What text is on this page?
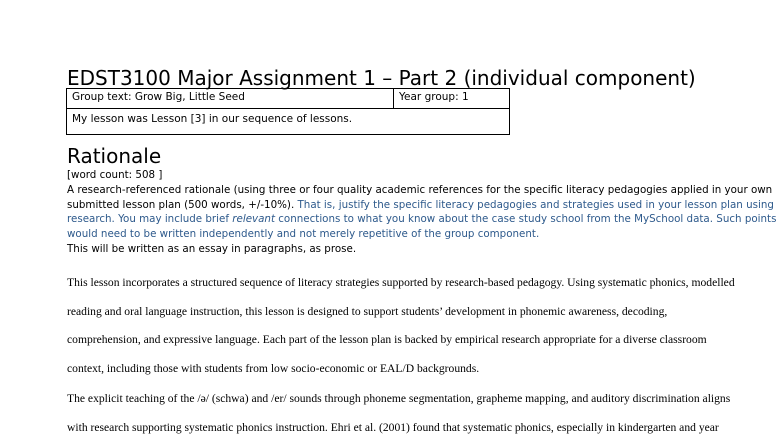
EDST3100 Major Assignment 1 – Part 2 (individual component)
Group text: Grow Big, Little Seed	Year group: 1
My lesson was Lesson [3] in our sequence of lessons.
Rationale
[word count: 508 ]
A research-referenced rationale (using three or four quality academic references for the specific literacy pedagogies applied in your own
submitted lesson plan (500 words, +/-10%). That is, justify the specific literacy pedagogies and strategies used in your lesson plan using
research. You may include brief relevant connections to what you know about the case study school from the MySchool data. Such points
would need to be written independently and not merely repetitive of the group component.
This will be written as an essay in paragraphs, as prose.
This lesson incorporates a structured sequence of literacy strategies supported by research-based pedagogy. Using systematic phonics, modelled
reading and oral language instruction, this lesson is designed to support students’ development in phonemic awareness, decoding,
comprehension, and expressive language. Each part of the lesson plan is backed by empirical research appropriate for a diverse classroom
context, including those with students from low socio-economic or EAL/D backgrounds.
The explicit teaching of the /ə/ (schwa) and /er/ sounds through phoneme segmentation, grapheme mapping, and auditory discrimination aligns
with research supporting systematic phonics instruction. Ehri et al. (2001) found that systematic phonics, especially in kindergarten and year
